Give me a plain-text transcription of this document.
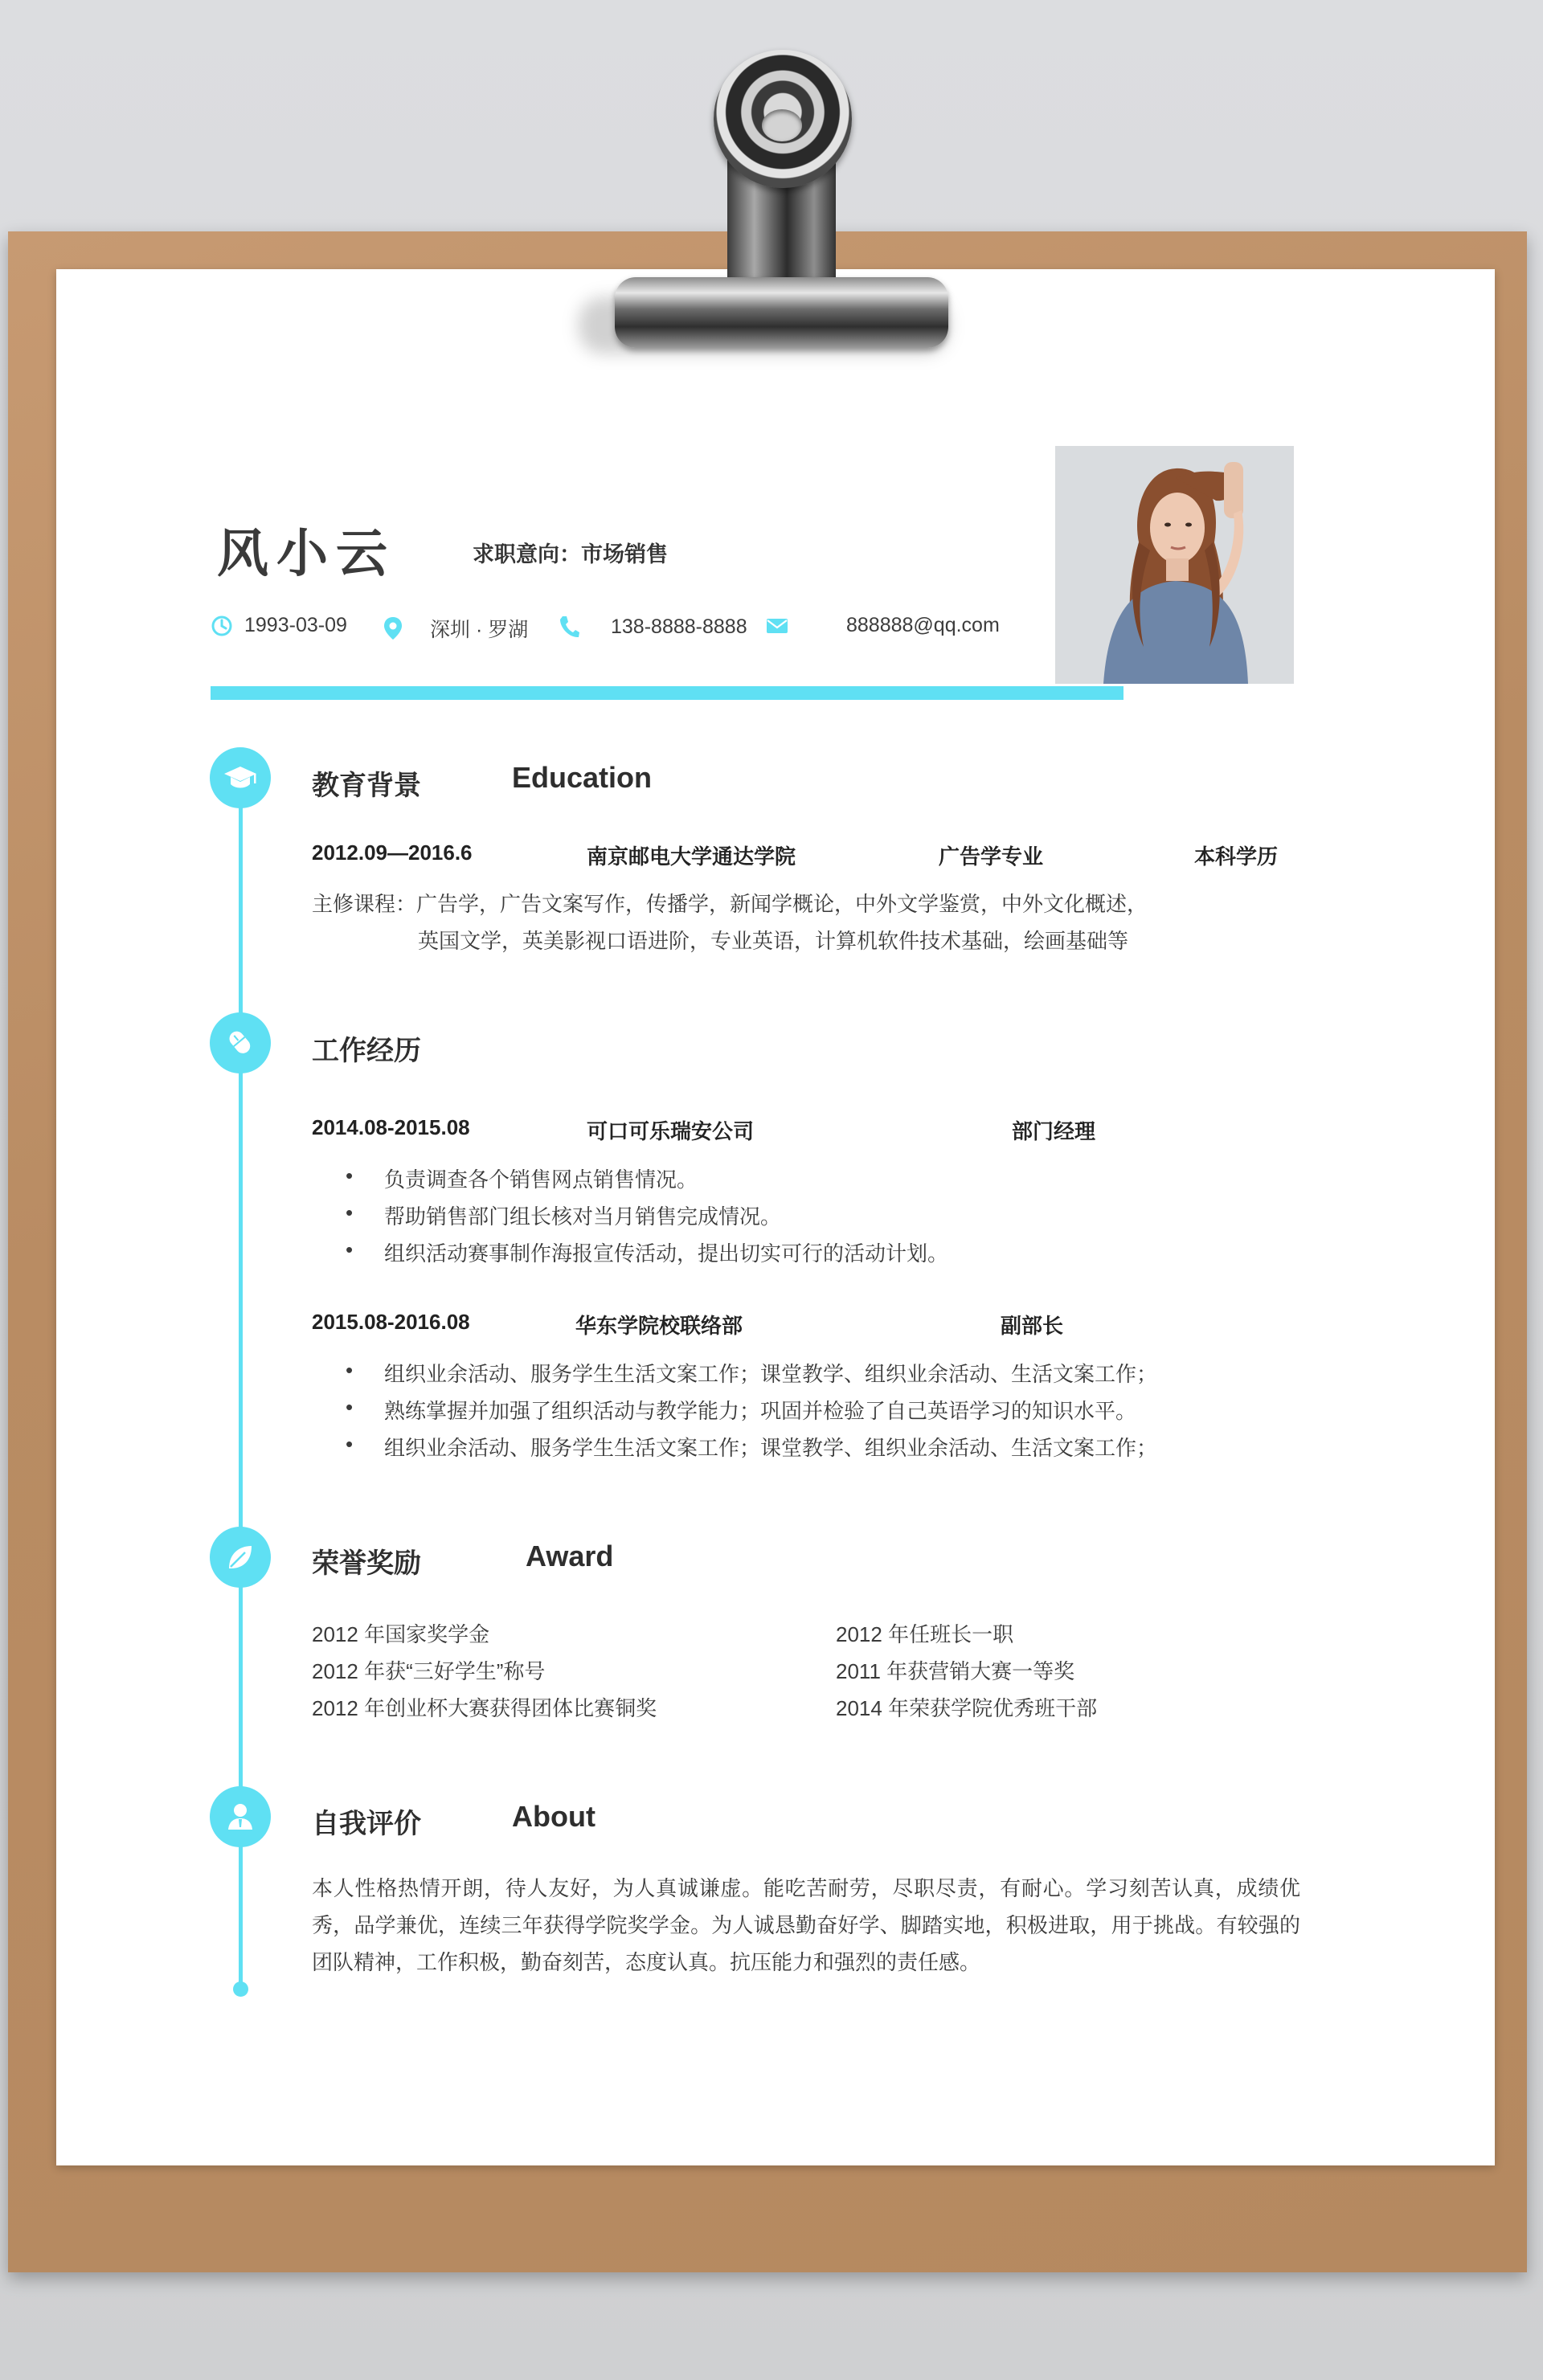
风小云	求职意向：市场销售
1993-03-09	深圳 · 罗湖	138-8888-8888	888888@qq.com
教育背景	Education
2012.09—2016.6	南京邮电大学通达学院	广告学专业	本科学历
主修课程：广告学，广告文案写作，传播学，新闻学概论，中外文学鉴赏，中外文化概述，
英国文学，英美影视口语进阶，专业英语，计算机软件技术基础，绘画基础等
工作经历
2014.08-2015.08	可口可乐瑞安公司	部门经理
• 负责调查各个销售网点销售情况。
• 帮助销售部门组长核对当月销售完成情况。
• 组织活动赛事制作海报宣传活动，提出切实可行的活动计划。
2015.08-2016.08	华东学院校联络部	副部长
• 组织业余活动、服务学生生活文案工作；课堂教学、组织业余活动、生活文案工作；
• 熟练掌握并加强了组织活动与教学能力；巩固并检验了自己英语学习的知识水平。
• 组织业余活动、服务学生生活文案工作；课堂教学、组织业余活动、生活文案工作；
荣誉奖励	Award
2012 年国家奖学金	2012 年任班长一职
2012 年获“三好学生”称号	2011 年获营销大赛一等奖
2012 年创业杯大赛获得团体比赛铜奖	2014 年荣获学院优秀班干部
自我评价	About
本人性格热情开朗，待人友好，为人真诚谦虚。能吃苦耐劳，尽职尽责，有耐心。学习刻苦认真，成绩优秀，品学兼优，连续三年获得学院奖学金。为人诚恳勤奋好学、脚踏实地，积极进取，用于挑战。有较强的团队精神，工作积极，勤奋刻苦，态度认真。抗压能力和强烈的责任感。
